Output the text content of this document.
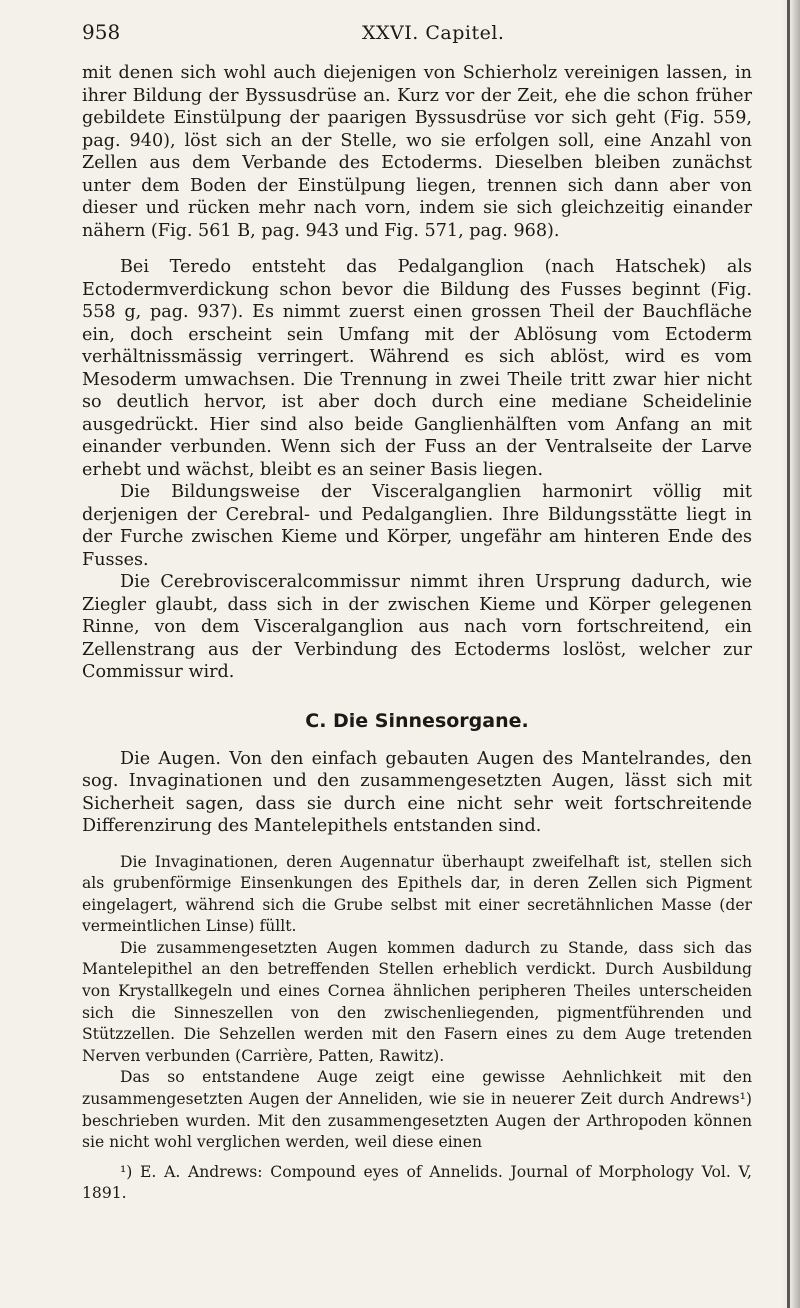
958	XXVI. Capitel.

mit denen sich wohl auch diejenigen von Schierholz vereinigen lassen, in ihrer Bildung der Byssusdrüse an. Kurz vor der Zeit, ehe die schon früher gebildete Einstülpung der paarigen Byssusdrüse vor sich geht (Fig. 559, pag. 940), löst sich an der Stelle, wo sie erfolgen soll, eine Anzahl von Zellen aus dem Verbande des Ectoderms. Dieselben bleiben zunächst unter dem Boden der Einstülpung liegen, trennen sich dann aber von dieser und rücken mehr nach vorn, indem sie sich gleichzeitig einander nähern (Fig. 561 B, pag. 943 und Fig. 571, pag. 968).

Bei Teredo entsteht das Pedalganglion (nach Hatschek) als Ectodermverdickung schon bevor die Bildung des Fusses beginnt (Fig. 558 g, pag. 937). Es nimmt zuerst einen grossen Theil der Bauchfläche ein, doch erscheint sein Umfang mit der Ablösung vom Ectoderm verhältnissmässig verringert. Während es sich ablöst, wird es vom Mesoderm umwachsen. Die Trennung in zwei Theile tritt zwar hier nicht so deutlich hervor, ist aber doch durch eine mediane Scheidelinie ausgedrückt. Hier sind also beide Ganglienhälften vom Anfang an mit einander verbunden. Wenn sich der Fuss an der Ventralseite der Larve erhebt und wächst, bleibt es an seiner Basis liegen.

Die Bildungsweise der Visceralganglien harmonirt völlig mit derjenigen der Cerebral- und Pedalganglien. Ihre Bildungsstätte liegt in der Furche zwischen Kieme und Körper, ungefähr am hinteren Ende des Fusses.

Die Cerebrovisceralcommissur nimmt ihren Ursprung dadurch, wie Ziegler glaubt, dass sich in der zwischen Kieme und Körper gelegenen Rinne, von dem Visceralganglion aus nach vorn fortschreitend, ein Zellenstrang aus der Verbindung des Ectoderms loslöst, welcher zur Commissur wird.

C. Die Sinnesorgane.

Die Augen. Von den einfach gebauten Augen des Mantelrandes, den sog. Invaginationen und den zusammengesetzten Augen, lässt sich mit Sicherheit sagen, dass sie durch eine nicht sehr weit fortschreitende Differenzirung des Mantelepithels entstanden sind.

Die Invaginationen, deren Augennatur überhaupt zweifelhaft ist, stellen sich als grubenförmige Einsenkungen des Epithels dar, in deren Zellen sich Pigment eingelagert, während sich die Grube selbst mit einer secretähnlichen Masse (der vermeintlichen Linse) füllt.

Die zusammengesetzten Augen kommen dadurch zu Stande, dass sich das Mantelepithel an den betreffenden Stellen erheblich verdickt. Durch Ausbildung von Krystallkegeln und eines Cornea ähnlichen peripheren Theiles unterscheiden sich die Sinneszellen von den zwischenliegenden, pigmentführenden und Stützzellen. Die Sehzellen werden mit den Fasern eines zu dem Auge tretenden Nerven verbunden (Carrière, Patten, Rawitz).

Das so entstandene Auge zeigt eine gewisse Aehnlichkeit mit den zusammengesetzten Augen der Anneliden, wie sie in neuerer Zeit durch Andrews¹) beschrieben wurden. Mit den zusammengesetzten Augen der Arthropoden können sie nicht wohl verglichen werden, weil diese einen

¹) E. A. Andrews: Compound eyes of Annelids. Journal of Morphology Vol. V, 1891.
